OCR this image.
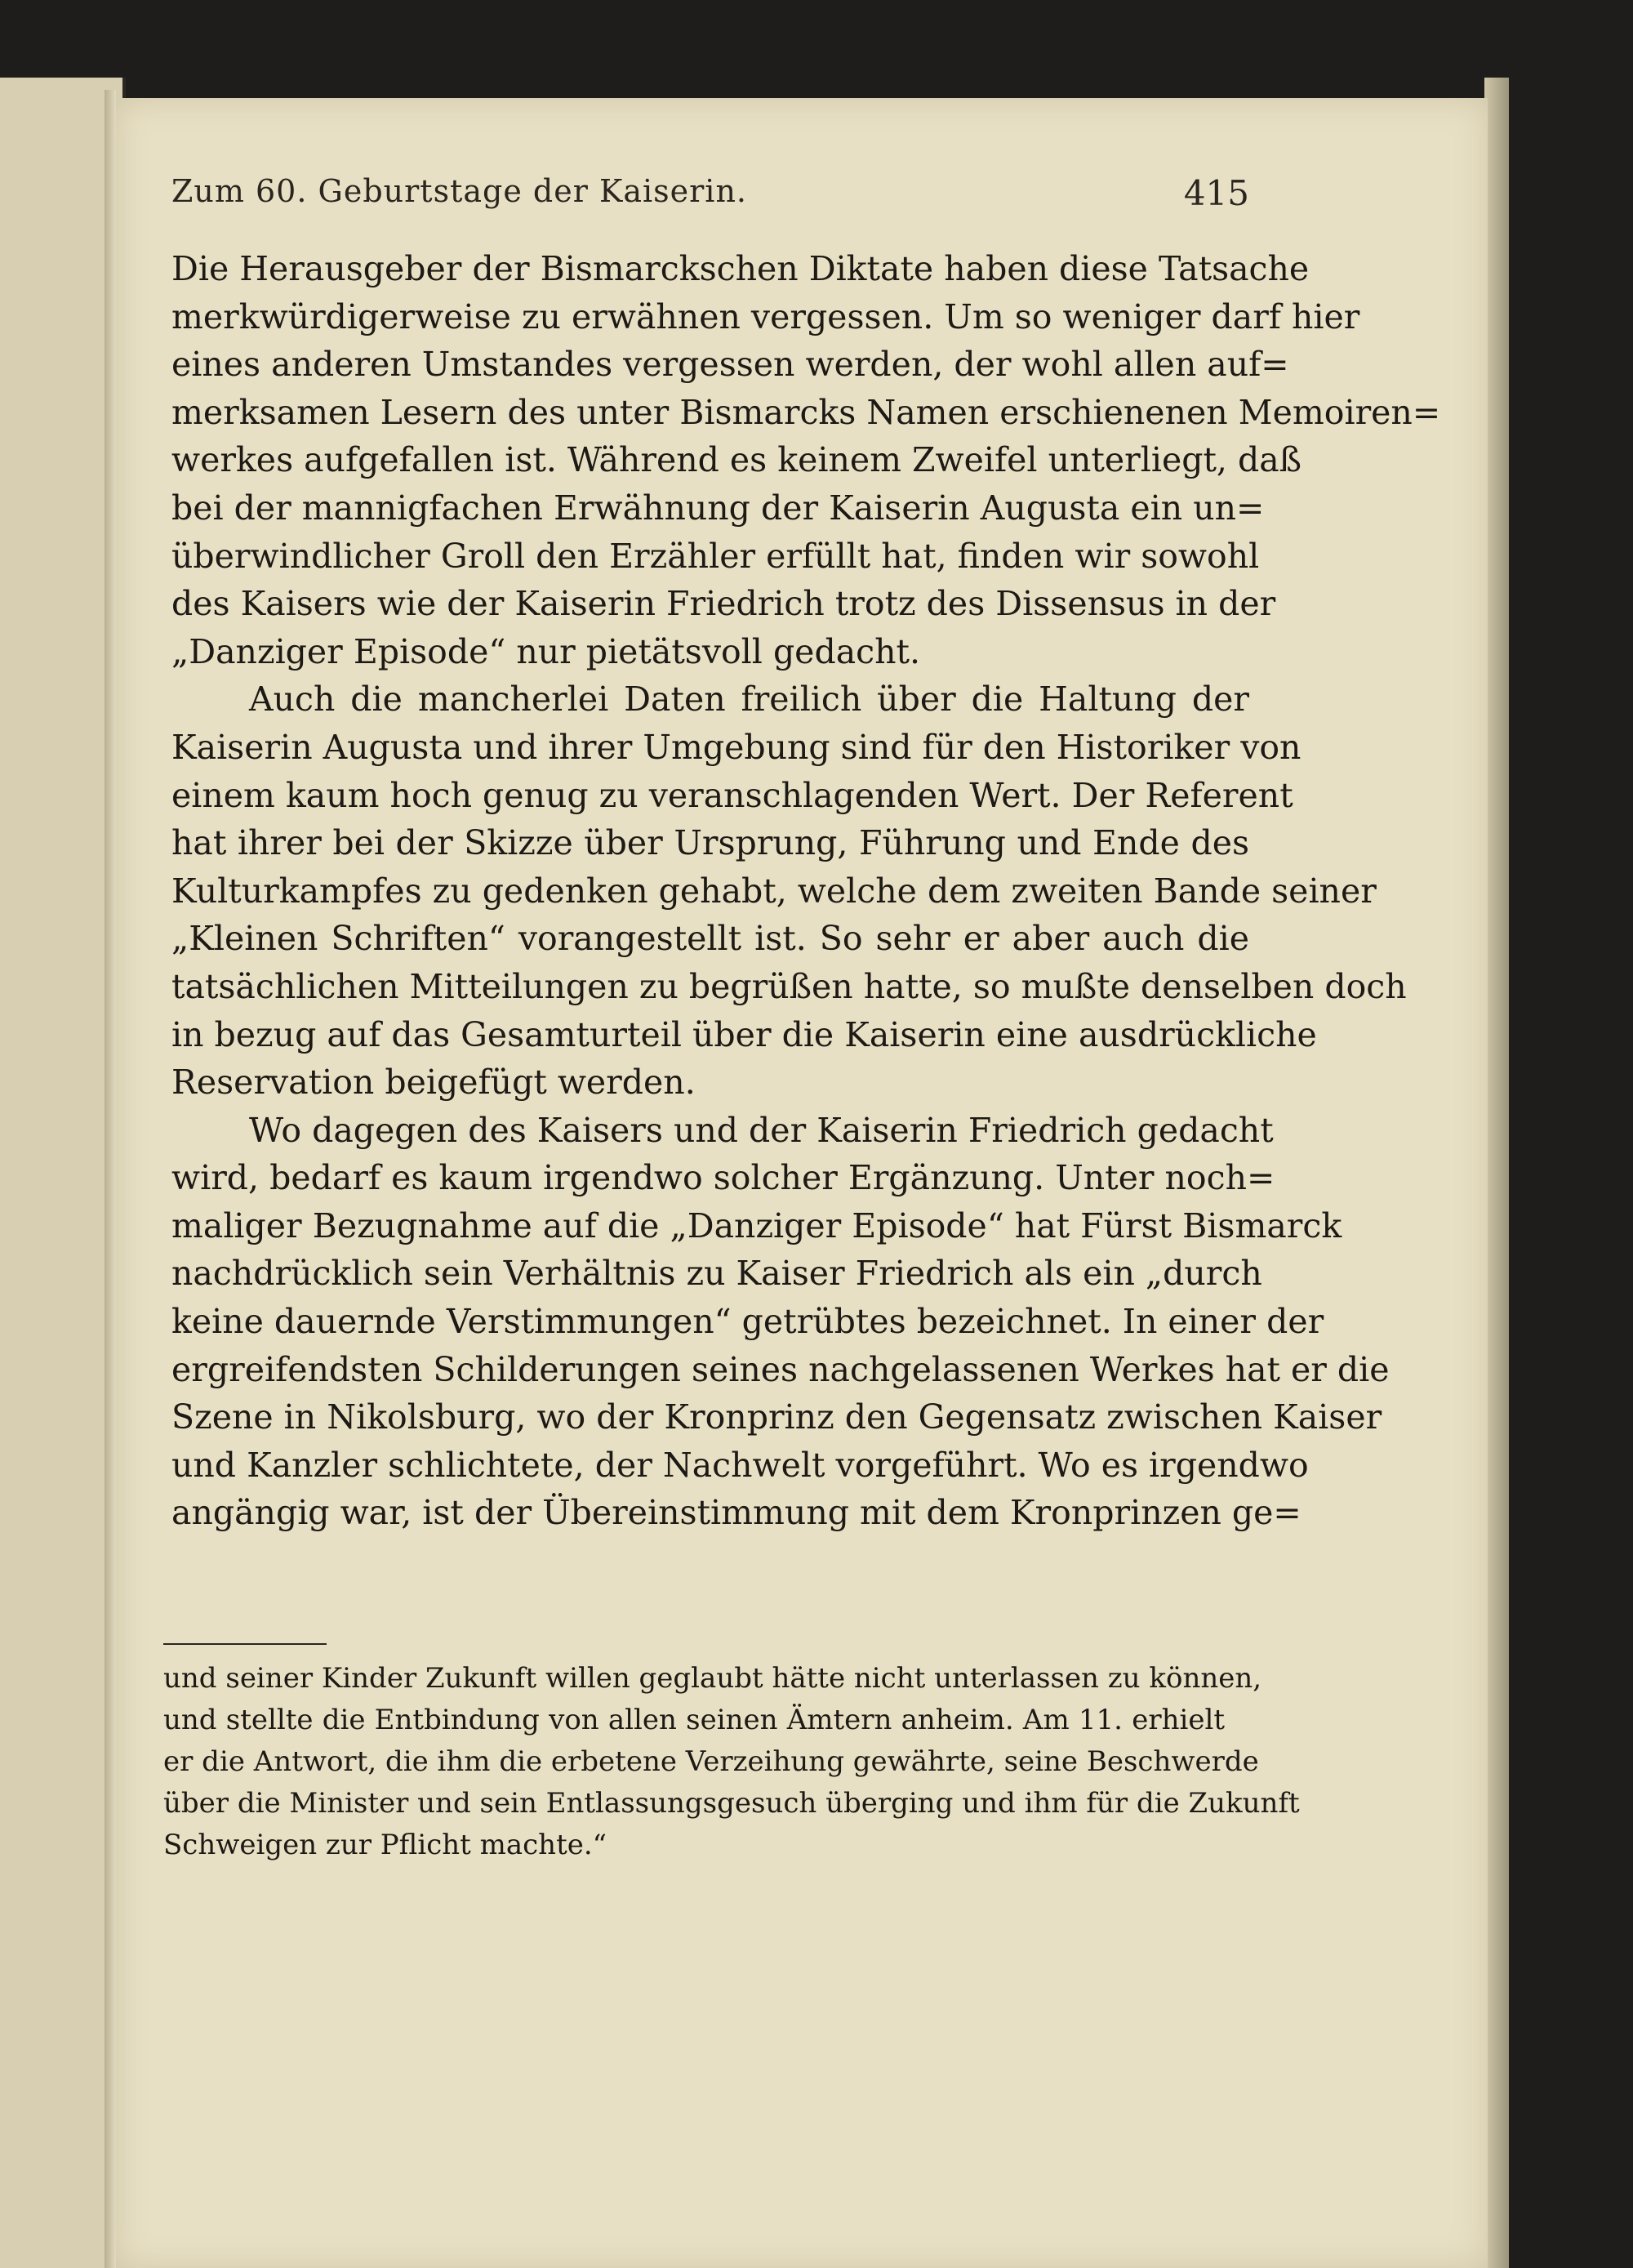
Zum 60. Geburtstage der Kaiserin.	415
Die Herausgeber der Bismarckschen Diktate haben diese Tatsache
merkwürdigerweise zu erwähnen vergessen. Um so weniger darf hier
eines anderen Umstandes vergessen werden, der wohl allen auf=
merksamen Lesern des unter Bismarcks Namen erschienenen Memoiren=
werkes aufgefallen ist. Während es keinem Zweifel unterliegt, daß
bei der mannigfachen Erwähnung der Kaiserin Augusta ein un=
überwindlicher Groll den Erzähler erfüllt hat, finden wir sowohl
des Kaisers wie der Kaiserin Friedrich trotz des Dissensus in der
„Danziger Episode“ nur pietätsvoll gedacht.
Auch die mancherlei Daten freilich über die Haltung der
Kaiserin Augusta und ihrer Umgebung sind für den Historiker von
einem kaum hoch genug zu veranschlagenden Wert. Der Referent
hat ihrer bei der Skizze über Ursprung, Führung und Ende des
Kulturkampfes zu gedenken gehabt, welche dem zweiten Bande seiner
„Kleinen Schriften“ vorangestellt ist. So sehr er aber auch die
tatsächlichen Mitteilungen zu begrüßen hatte, so mußte denselben doch
in bezug auf das Gesamturteil über die Kaiserin eine ausdrückliche
Reservation beigefügt werden.
Wo dagegen des Kaisers und der Kaiserin Friedrich gedacht
wird, bedarf es kaum irgendwo solcher Ergänzung. Unter noch=
maliger Bezugnahme auf die „Danziger Episode“ hat Fürst Bismarck
nachdrücklich sein Verhältnis zu Kaiser Friedrich als ein „durch
keine dauernde Verstimmungen“ getrübtes bezeichnet. In einer der
ergreifendsten Schilderungen seines nachgelassenen Werkes hat er die
Szene in Nikolsburg, wo der Kronprinz den Gegensatz zwischen Kaiser
und Kanzler schlichtete, der Nachwelt vorgeführt. Wo es irgendwo
angängig war, ist der Übereinstimmung mit dem Kronprinzen ge=
und seiner Kinder Zukunft willen geglaubt hätte nicht unterlassen zu können,
und stellte die Entbindung von allen seinen Ämtern anheim. Am 11. erhielt
er die Antwort, die ihm die erbetene Verzeihung gewährte, seine Beschwerde
über die Minister und sein Entlassungsgesuch überging und ihm für die Zukunft
Schweigen zur Pflicht machte.“
